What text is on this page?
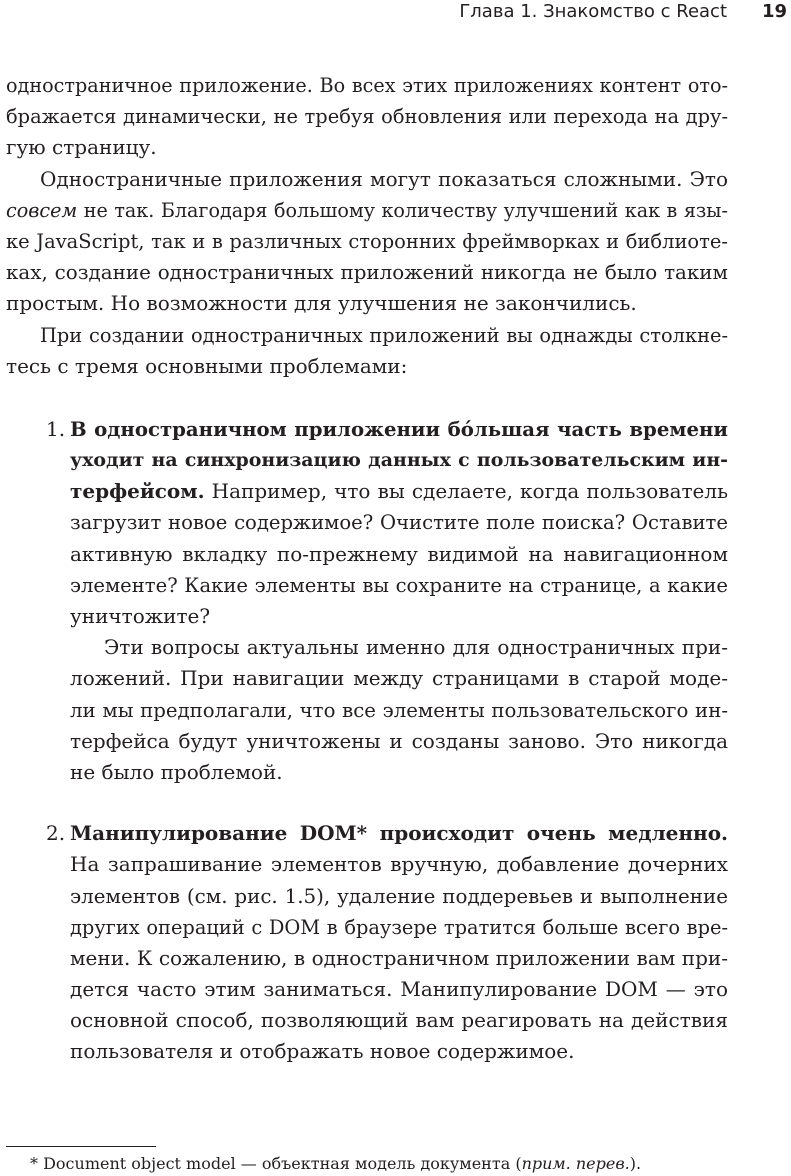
Глава 1. Знакомство с React 19
одностраничное приложение. Во всех этих приложениях контент ото-
бражается динамически, не требуя обновления или перехода на дру-
гую страницу.
Одностраничные приложения могут показаться сложными. Это
совсем не так. Благодаря большому количеству улучшений как в язы-
ке JavaScript, так и в различных сторонних фреймворках и библиоте-
ках, создание одностраничных приложений никогда не было таким
простым. Но возможности для улучшения не закончились.
При создании одностраничных приложений вы однажды столкне-
тесь с тремя основными проблемами:
1. В одностраничном приложении бóльшая часть времени
уходит на синхронизацию данных с пользовательским ин-
терфейсом. Например, что вы сделаете, когда пользователь
загрузит новое содержимое? Очистите поле поиска? Оставите
активную вкладку по-прежнему видимой на навигационном
элементе? Какие элементы вы сохраните на странице, а какие
уничтожите?
Эти вопросы актуальны именно для одностраничных при-
ложений. При навигации между страницами в старой моде-
ли мы предполагали, что все элементы пользовательского ин-
терфейса будут уничтожены и созданы заново. Это никогда
не было проблемой.
2. Манипулирование DOM* происходит очень медленно.
На запрашивание элементов вручную, добавление дочерних
элементов (см. рис. 1.5), удаление поддеревьев и выполнение
других операций с DOM в браузере тратится больше всего вре-
мени. К сожалению, в одностраничном приложении вам при-
дется часто этим заниматься. Манипулирование DOM — это
основной способ, позволяющий вам реагировать на действия
пользователя и отображать новое содержимое.
* Document object model — объектная модель документа (прим. перев.).
